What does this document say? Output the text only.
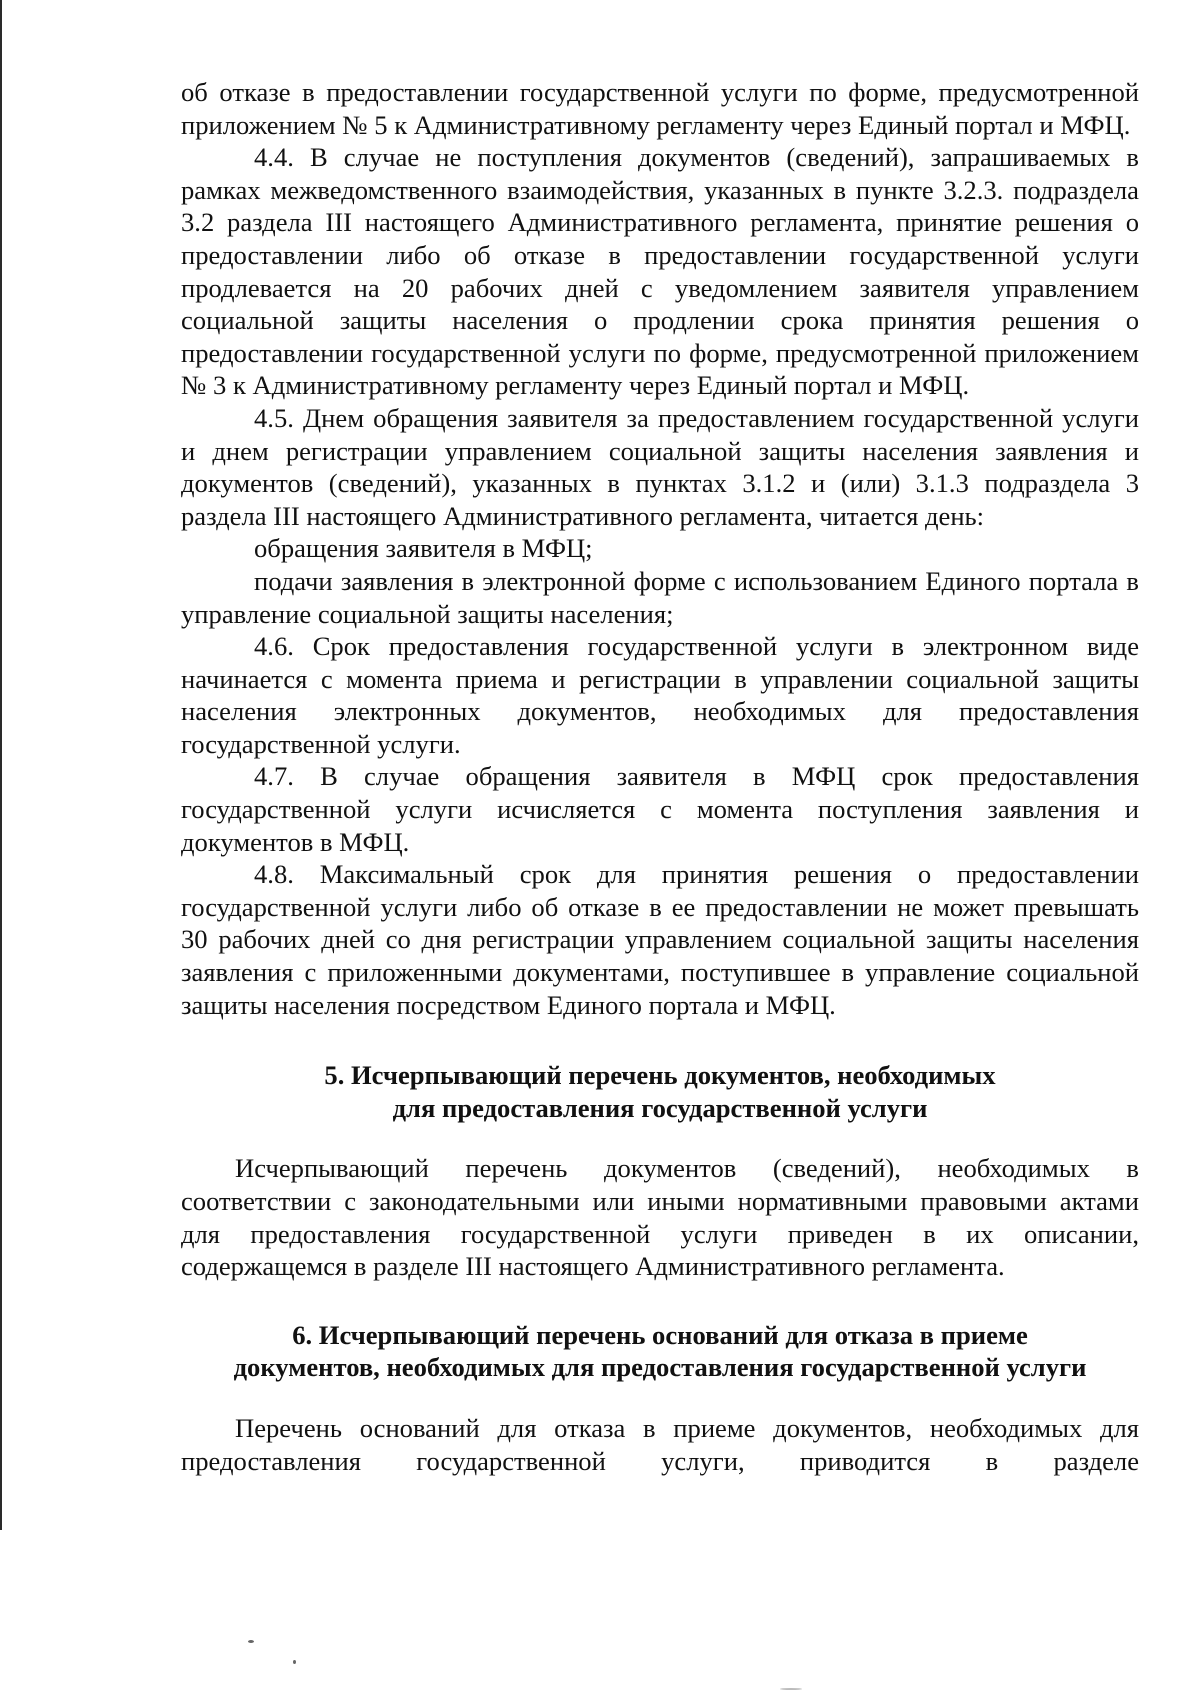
об отказе в предоставлении государственной услуги по форме, предусмотренной приложением № 5 к Административному регламенту через Единый портал и МФЦ.

4.4. В случае не поступления документов (сведений), запрашиваемых в рамках межведомственного взаимодействия, указанных в пункте 3.2.3. подраздела 3.2 раздела III настоящего Административного регламента, принятие решения о предоставлении либо об отказе в предоставлении государственной услуги продлевается на 20 рабочих дней с уведомлением заявителя управлением социальной защиты населения о продлении срока принятия решения о предоставлении государственной услуги по форме, предусмотренной приложением № 3 к Административному регламенту через Единый портал и МФЦ.

4.5. Днем обращения заявителя за предоставлением государственной услуги и днем регистрации управлением социальной защиты населения заявления и документов (сведений), указанных в пунктах 3.1.2 и (или) 3.1.3 подраздела 3 раздела III настоящего Административного регламента, читается день:

обращения заявителя в МФЦ;

подачи заявления в электронной форме с использованием Единого портала в управление социальной защиты населения;

4.6. Срок предоставления государственной услуги в электронном виде начинается с момента приема и регистрации в управлении социальной защиты населения электронных документов, необходимых для предоставления государственной услуги.

4.7. В случае обращения заявителя в МФЦ срок предоставления государственной услуги исчисляется с момента поступления заявления и документов в МФЦ.

4.8. Максимальный срок для принятия решения о предоставлении государственной услуги либо об отказе в ее предоставлении не может превышать 30 рабочих дней со дня регистрации управлением социальной защиты населения заявления с приложенными документами, поступившее в управление социальной защиты населения посредством Единого портала и МФЦ.

5. Исчерпывающий перечень документов, необходимых
для предоставления государственной услуги

Исчерпывающий перечень документов (сведений), необходимых в соответствии с законодательными или иными нормативными правовыми актами для предоставления государственной услуги приведен в их описании, содержащемся в разделе III настоящего Административного регламента.

6. Исчерпывающий перечень оснований для отказа в приеме
документов, необходимых для предоставления государственной услуги

Перечень оснований для отказа в приеме документов, необходимых для предоставления государственной услуги, приводится в разделе
